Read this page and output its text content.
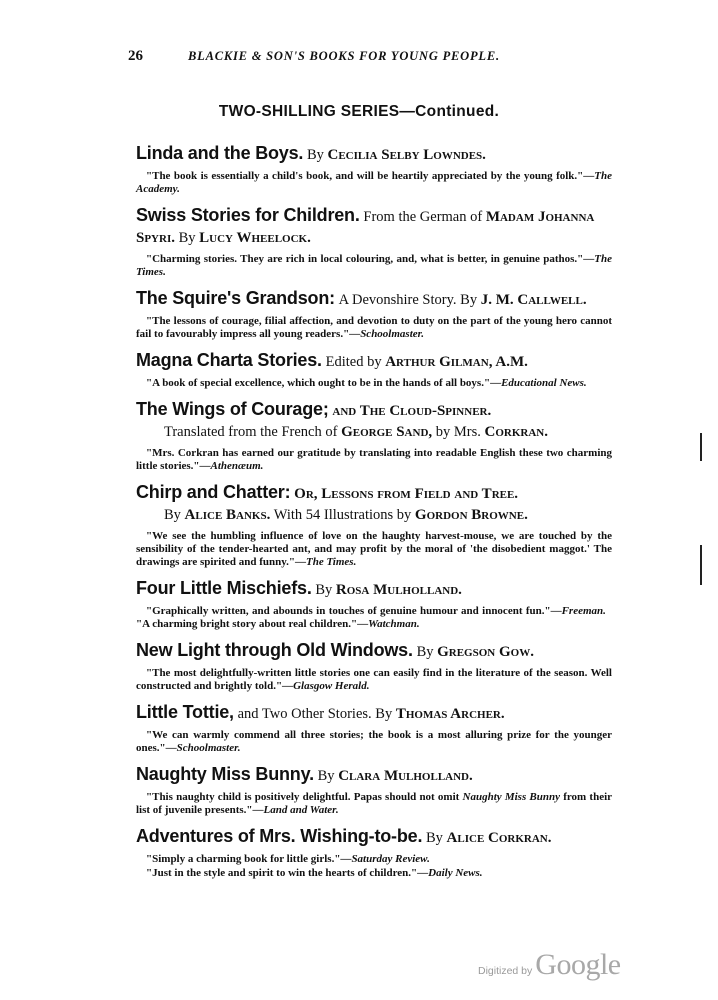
26	BLACKIE & SON'S BOOKS FOR YOUNG PEOPLE.
TWO-SHILLING SERIES—Continued.
Linda and the Boys. By Cecilia Selby Lowndes.
"The book is essentially a child's book, and will be heartily appreciated by the young folk."—The Academy.
Swiss Stories for Children. From the German of Madam Johanna Spyri. By Lucy Wheelock.
"Charming stories. They are rich in local colouring, and, what is better, in genuine pathos."—The Times.
The Squire's Grandson: A Devonshire Story. By J. M. Callwell.
"The lessons of courage, filial affection, and devotion to duty on the part of the young hero cannot fail to favourably impress all young readers."—Schoolmaster.
Magna Charta Stories. Edited by Arthur Gilman, A.M.
"A book of special excellence, which ought to be in the hands of all boys."—Educational News.
The Wings of Courage; and The Cloud-Spinner.
Translated from the French of George Sand, by Mrs. Corkran.
"Mrs. Corkran has earned our gratitude by translating into readable English these two charming little stories."—Athenæum.
Chirp and Chatter: Or, Lessons from Field and Tree.
By Alice Banks. With 54 Illustrations by Gordon Browne.
"We see the humbling influence of love on the haughty harvest-mouse, we are touched by the sensibility of the tender-hearted ant, and may profit by the moral of 'the disobedient maggot.' The drawings are spirited and funny."—The Times.
Four Little Mischiefs. By Rosa Mulholland.
"Graphically written, and abounds in touches of genuine humour and innocent fun."—Freeman.   "A charming bright story about real children."—Watchman.
New Light through Old Windows. By Gregson Gow.
"The most delightfully-written little stories one can easily find in the literature of the season. Well constructed and brightly told."—Glasgow Herald.
Little Tottie, and Two Other Stories. By Thomas Archer.
"We can warmly commend all three stories; the book is a most alluring prize for the younger ones."—Schoolmaster.
Naughty Miss Bunny. By Clara Mulholland.
"This naughty child is positively delightful. Papas should not omit Naughty Miss Bunny from their list of juvenile presents."—Land and Water.
Adventures of Mrs. Wishing-to-be. By Alice Corkran.
"Simply a charming book for little girls."—Saturday Review.
"Just in the style and spirit to win the hearts of children."—Daily News.
Digitized by Google
